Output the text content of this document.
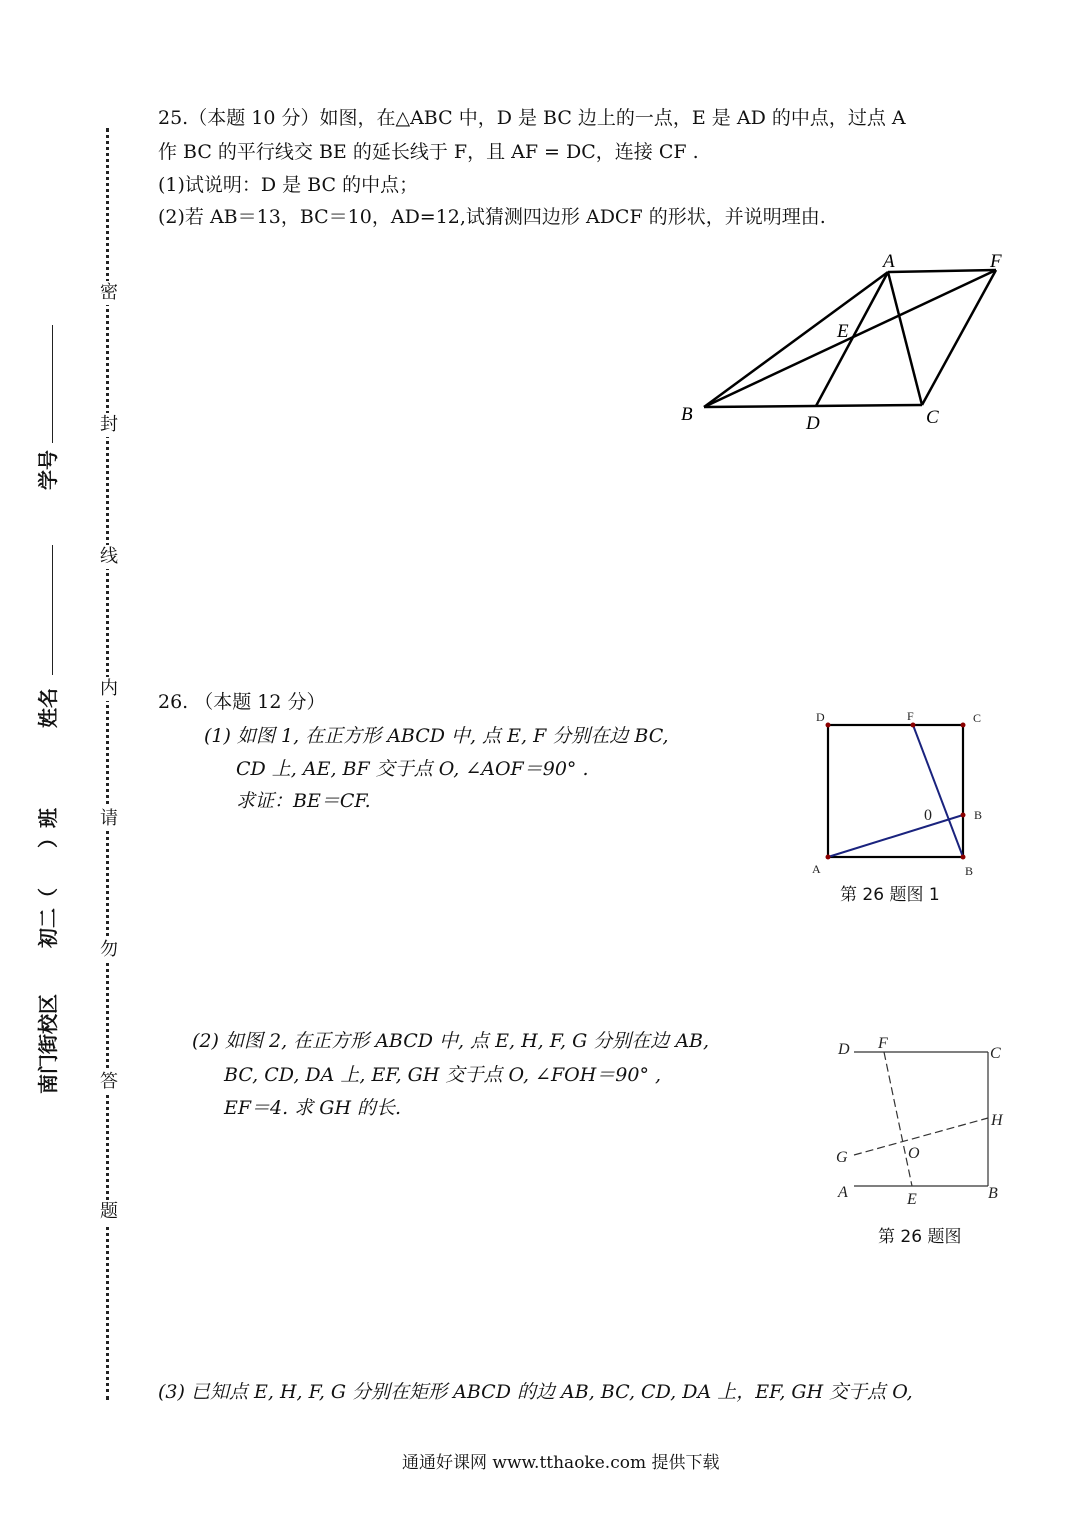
密
封
线
内
请
勿
答
题
学号
姓名
初二（　　）班
南门街校区
25.（本题 10 分）如图，在△ABC 中，D 是 BC 边上的一点，E 是 AD 的中点，过点 A
作 BC 的平行线交 BE 的延长线于 F，且 AF = DC，连接 CF .
(1)试说明：D 是 BC 的中点；
(2)若 AB＝13，BC＝10，AD=12,试猜测四边形 ADCF 的形状，并说明理由.
A	F
E
B	D	C
26. （本题 12 分）
(1) 如图 1, 在正方形 ABCD 中, 点 E, F 分别在边 BC,
CD 上, AE, BF 交于点 O, ∠AOF＝90° .
求证：BE＝CF.
D	F	C
0	B
A	B
第 26 题图 1
(2) 如图 2, 在正方形 ABCD 中, 点 E, H, F, G 分别在边 AB,
BC, CD, DA 上, EF, GH 交于点 O, ∠FOH＝90° ,
EF＝4. 求 GH 的长.
D F
C
H
G	O
A	E	B
第 26 题图
(3) 已知点 E, H, F, G 分别在矩形 ABCD 的边 AB, BC, CD, DA 上，EF, GH 交于点 O,
通通好课网 www.tthaoke.com 提供下载
